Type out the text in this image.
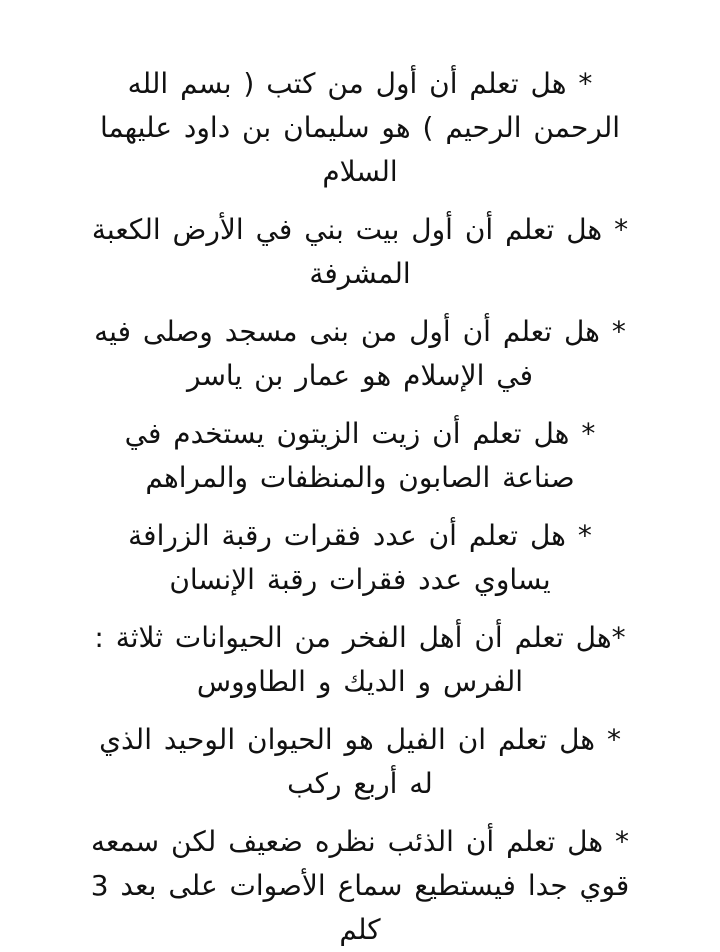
* هل تعلم أن أول من كتب ( بسم الله
الرحمن الرحيم ) هو سليمان بن داود عليهما
السلام

* هل تعلم أن أول بيت بني في الأرض الكعبة
المشرفة

* هل تعلم أن أول من بنى مسجد وصلى فيه
في الإسلام هو عمار بن ياسر

* هل تعلم أن زيت الزيتون يستخدم في
صناعة الصابون والمنظفات والمراهم

* هل تعلم أن عدد فقرات رقبة الزرافة
يساوي عدد فقرات رقبة الإنسان

*هل تعلم أن أهل الفخر من الحيوانات ثلاثة :
الفرس و الديك و الطاووس

* هل تعلم ان الفيل هو الحيوان الوحيد الذي
له أربع ركب

* هل تعلم أن الذئب نظره ضعيف لكن سمعه
قوي جدا فيستطيع سماع الأصوات على بعد 3
كلم
